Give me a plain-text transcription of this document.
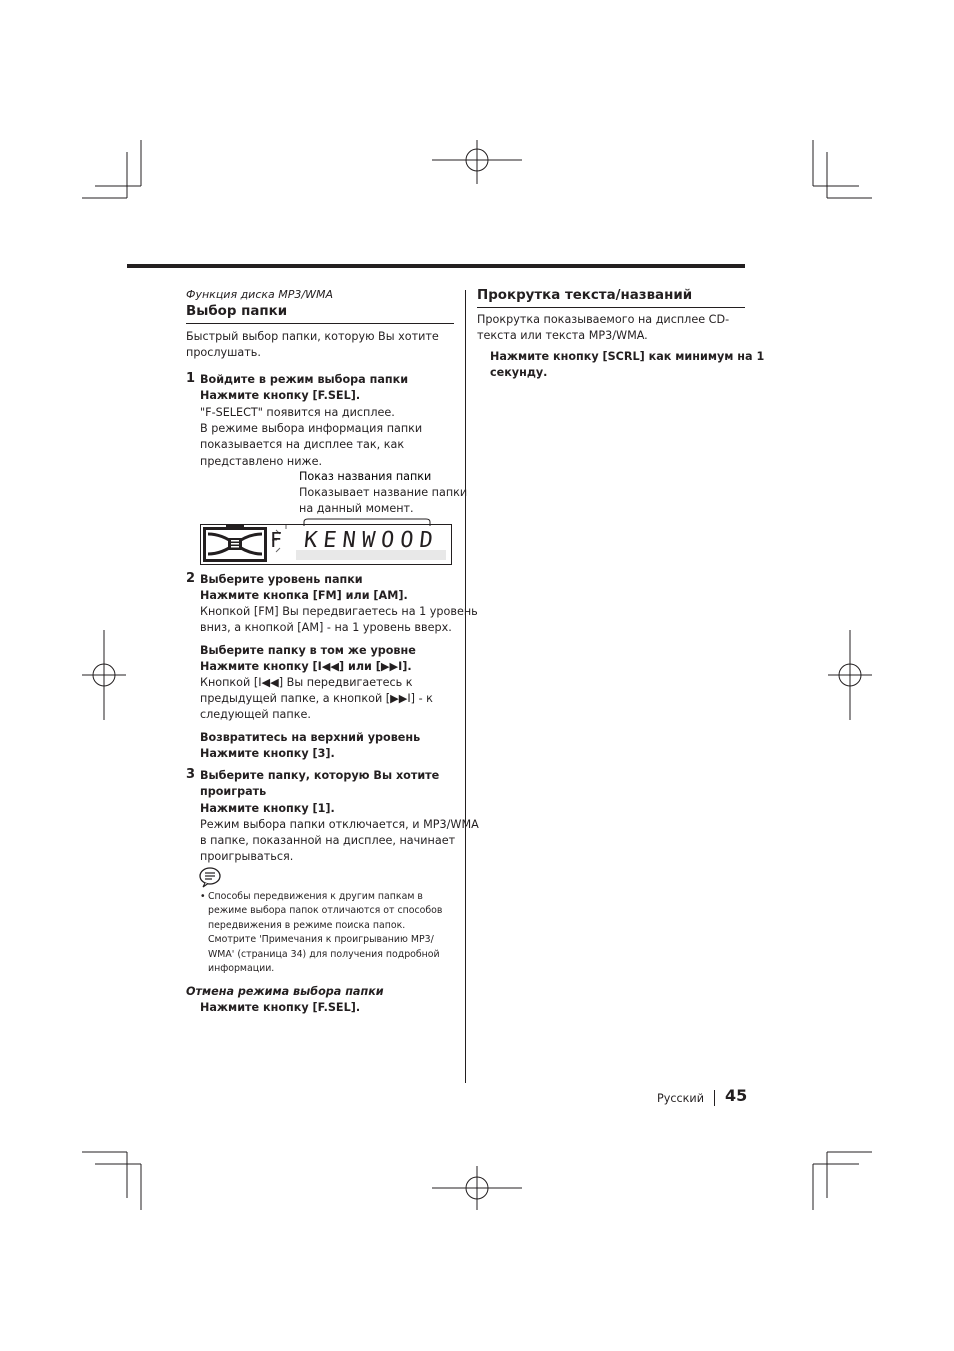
Функция диска MP3/WMA
Выбор папки
Быстрый выбор папки, которую Вы хотите
прослушать.
1 Войдите в режим выбора папки
Нажмите кнопку [F.SEL].
"F-SELECT" появится на дисплее.
В режиме выбора информация папки
показывается на дисплее так, как
представлено ниже.
Показ названия папки
Показывает название папки
на данный момент.
F KENWOOD
2 Выберите уровень папки
Нажмите кнопка [FM] или [AM].
Кнопкой [FM] Вы передвигаетесь на 1 уровень
вниз, а кнопкой [AM] - на 1 уровень вверх.
Выберите папку в том же уровне
Нажмите кнопку [I◀◀] или [▶▶I].
Кнопкой [I◀◀] Вы передвигаетесь к
предыдущей папке, а кнопкой [▶▶I] - к
следующей папке.
Возвратитесь на верхний уровень
Нажмите кнопку [3].
3 Выберите папку, которую Вы хотите
проиграть
Нажмите кнопку [1].
Режим выбора папки отключается, и MP3/WMA
в папке, показанной на дисплее, начинает
проигрываться.
• Способы передвижения к другим папкам в
режиме выбора папок отличаются от способов
передвижения в режиме поиска папок.
Смотрите 'Примечания к проигрыванию MP3/
WMA' (страница 34) для получения подробной
информации.
Отмена режима выбора папки
Нажмите кнопку [F.SEL].
Прокрутка текста/названий
Прокрутка показываемого на дисплее CD-
текста или текста MP3/WMA.
Нажмите кнопку [SCRL] как минимум на 1
секунду.
Русский 45
